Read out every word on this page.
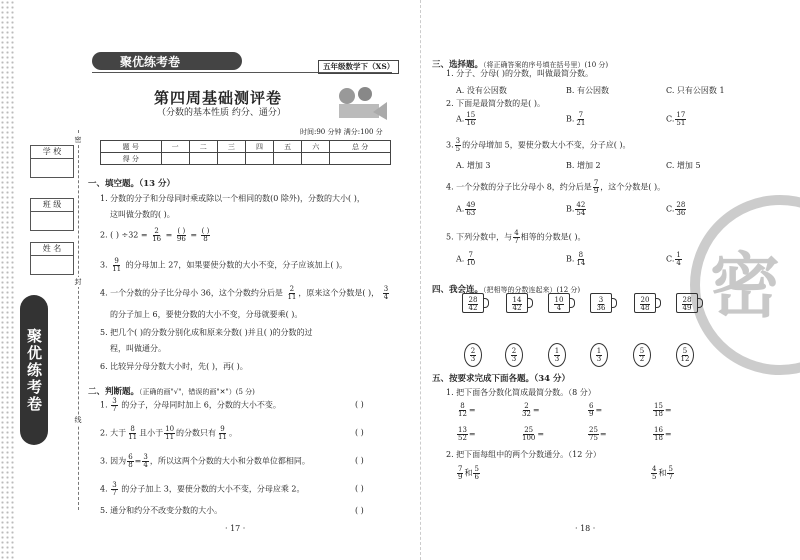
学 校
班 级
姓 名
聚优练考卷
密
封
线
聚优练考卷	五年级数学下（XS）
第四周基础测评卷
（分数的基本性质 约分、通分）
时间:90 分钟 满分:100 分
题 号	一	二	三	四	五	六	总 分
得 分							
一、填空题。（13 分）
1. 分数的分子和分母同时乘或除以一个相同的数(0 除外)，分数的大小( )，
这叫做分数的( )。
2. ( ) $\div 32 = \frac{2}{16} = \frac{( )}{96} = \frac{( )}{8}$
3. $\frac{9}{11}$ 的分母加上 27，如果要使分数的大小不变，分子应该加上( )。
4. 一个分数的分子比分母小 36，这个分数约分后是 $\frac{2}{11}$ ，原来这个分数是( )， $\frac{3}{4}$
的分子加上 6，要使分数的大小不变，分母就要乘( )。
5. 把几个( )的分数分别化成和原来分数( )并且( )的分数的过
程，叫做通分。
6. 比较异分母分数大小时，先( )，再( )。
二、判断题。（正确的画"√"，错误的画"✕"）(5 分)
1. $\frac{3}{7}$ 的分子，分母同时加上 6，分数的大小不变。
2. 大于 $\frac{8}{11}$ 且小于 $\frac{10}{11}$ 的分数只有 $\frac{9}{11}$ 。
3. 因为 $\frac{6}{8} = \frac{3}{4}$ ，所以这两个分数的大小和分数单位都相同。
4. $\frac{3}{7}$ 的分子加上 3，要使分数的大小不变，分母应乘 2。
5. 通分和约分不改变分数的大小。
( )
( )
( )
( )
( )
· 17 ·
密
三、选择题。（将正确答案的序号填在括号里）(10 分)
1. 分子、分母( )的分数，叫做最简分数。
A. 没有公因数	B. 有公因数	C. 只有公因数 1
2. 下面是最简分数的是( )。
A. $\frac{15}{16}$	B. $\frac{7}{21}$	C. $\frac{17}{51}$
3. $\frac{3}{5}$ 的分母增加 5，要使分数大小不变，分子应( )。
A. 增加 3	B. 增加 2	C. 增加 5
4. 一个分数的分子比分母小 8，约分后是 $\frac{7}{9}$ ，这个分数是( )。
A. $\frac{49}{63}$	B. $\frac{42}{54}$	C. $\frac{28}{36}$
5. 下列分数中，与 $\frac{4}{7}$ 相等的分数是( )。
A. $\frac{7}{10}$	B. $\frac{8}{14}$	C. $\frac{1}{4}$
四、我会连。（把相等的分数连起来）(12 分)
$\frac{28}{42}$	$\frac{14}{42}$	$\frac{10}{4}$	$\frac{3}{36}$	$\frac{20}{48}$	$\frac{28}{49}$
$\frac{2}{3}$	$\frac{2}{3}$	$\frac{1}{3}$	$\frac{1}{3}$	$\frac{5}{2}$	$\frac{5}{12}$
五、按要求完成下面各题。（34 分）
1. 把下面各分数化简成最简分数。（8 分）
$\frac{8}{12}$ =	$\frac{2}{32}$ =	$\frac{6}{9}$ =	$\frac{15}{18}$ =
$\frac{13}{52}$ =	$\frac{25}{100}$ =	$\frac{25}{75}$ =	$\frac{16}{18}$ =
2. 把下面每组中的两个分数通分。（12 分）
$\frac{7}{9}$ 和 $\frac{5}{6}$	$\frac{4}{5}$ 和 $\frac{5}{7}$
· 18 ·
